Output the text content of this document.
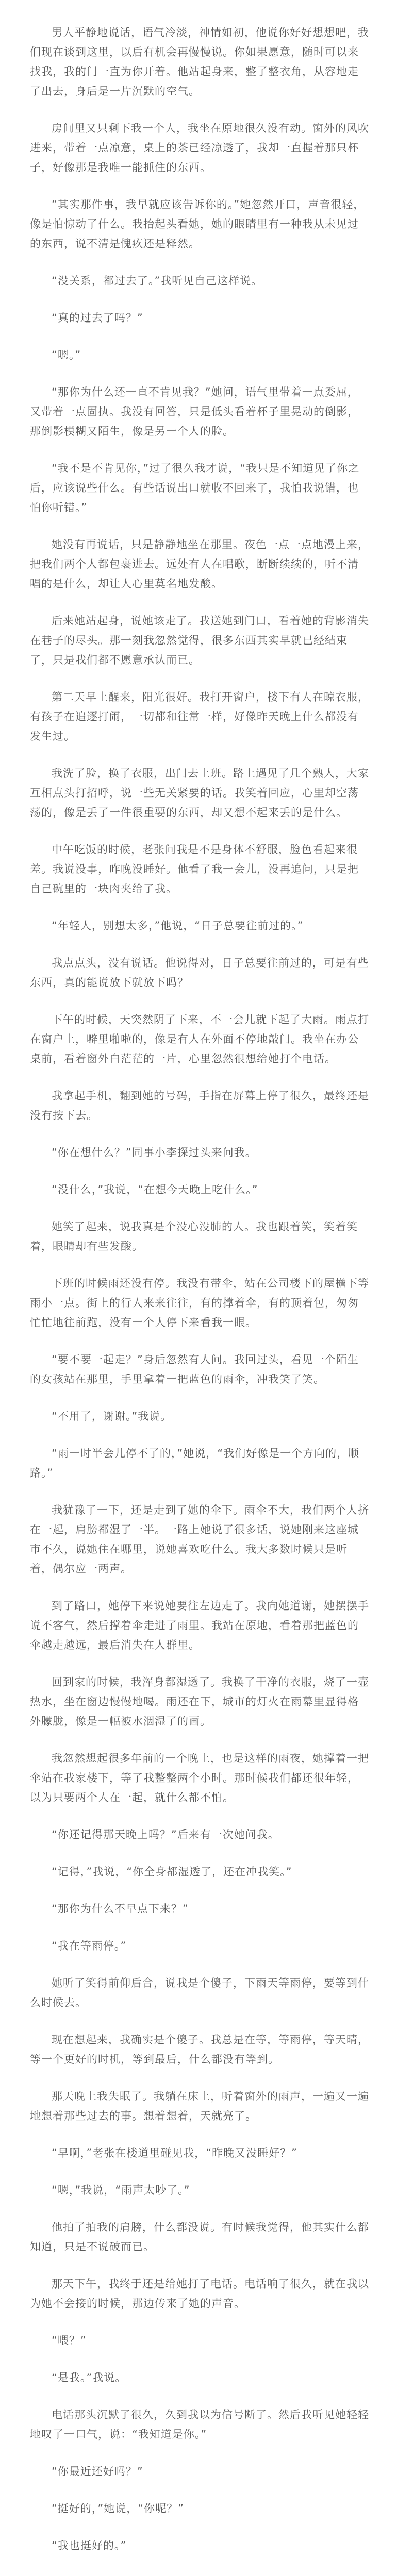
男人平静地说话，语气冷淡，神情如初，他说你好好想想吧，我们现在谈到这里，以后有机会再慢慢说。你如果愿意，随时可以来找我，我的门一直为你开着。他站起身来，整了整衣角，从容地走了出去，身后是一片沉默的空气。

房间里又只剩下我一个人，我坐在原地很久没有动。窗外的风吹进来，带着一点凉意，桌上的茶已经凉透了，我却一直握着那只杯子，好像那是我唯一能抓住的东西。

“其实那件事，我早就应该告诉你的。”她忽然开口，声音很轻，像是怕惊动了什么。我抬起头看她，她的眼睛里有一种我从未见过的东西，说不清是愧疚还是释然。

“没关系，都过去了。”我听见自己这样说。

“真的过去了吗？”

“嗯。”

“那你为什么还一直不肯见我？”她问，语气里带着一点委屈，又带着一点固执。我没有回答，只是低头看着杯子里晃动的倒影，那倒影模糊又陌生，像是另一个人的脸。

“我不是不肯见你，”过了很久我才说，“我只是不知道见了你之后，应该说些什么。有些话说出口就收不回来了，我怕我说错，也怕你听错。”

她没有再说话，只是静静地坐在那里。夜色一点一点地漫上来，把我们两个人都包裹进去。远处有人在唱歌，断断续续的，听不清唱的是什么，却让人心里莫名地发酸。

后来她站起身，说她该走了。我送她到门口，看着她的背影消失在巷子的尽头。那一刻我忽然觉得，很多东西其实早就已经结束了，只是我们都不愿意承认而已。

第二天早上醒来，阳光很好。我打开窗户，楼下有人在晾衣服，有孩子在追逐打闹，一切都和往常一样，好像昨天晚上什么都没有发生过。

我洗了脸，换了衣服，出门去上班。路上遇见了几个熟人，大家互相点头打招呼，说一些无关紧要的话。我笑着回应，心里却空荡荡的，像是丢了一件很重要的东西，却又想不起来丢的是什么。

中午吃饭的时候，老张问我是不是身体不舒服，脸色看起来很差。我说没事，昨晚没睡好。他看了我一会儿，没再追问，只是把自己碗里的一块肉夹给了我。

“年轻人，别想太多，”他说，“日子总要往前过的。”

我点点头，没有说话。他说得对，日子总要往前过的，可是有些东西，真的能说放下就放下吗？

下午的时候，天突然阴了下来，不一会儿就下起了大雨。雨点打在窗户上，噼里啪啦的，像是有人在外面不停地敲门。我坐在办公桌前，看着窗外白茫茫的一片，心里忽然很想给她打个电话。

我拿起手机，翻到她的号码，手指在屏幕上停了很久，最终还是没有按下去。

“你在想什么？”同事小李探过头来问我。

“没什么，”我说，“在想今天晚上吃什么。”

她笑了起来，说我真是个没心没肺的人。我也跟着笑，笑着笑着，眼睛却有些发酸。

下班的时候雨还没有停。我没有带伞，站在公司楼下的屋檐下等雨小一点。街上的行人来来往往，有的撑着伞，有的顶着包，匆匆忙忙地往前跑，没有一个人停下来看我一眼。

“要不要一起走？”身后忽然有人问。我回过头，看见一个陌生的女孩站在那里，手里拿着一把蓝色的雨伞，冲我笑了笑。

“不用了，谢谢。”我说。

“雨一时半会儿停不了的，”她说，“我们好像是一个方向的，顺路。”

我犹豫了一下，还是走到了她的伞下。雨伞不大，我们两个人挤在一起，肩膀都湿了一半。一路上她说了很多话，说她刚来这座城市不久，说她住在哪里，说她喜欢吃什么。我大多数时候只是听着，偶尔应一两声。

到了路口，她停下来说她要往左边走了。我向她道谢，她摆摆手说不客气，然后撑着伞走进了雨里。我站在原地，看着那把蓝色的伞越走越远，最后消失在人群里。

回到家的时候，我浑身都湿透了。我换了干净的衣服，烧了一壶热水，坐在窗边慢慢地喝。雨还在下，城市的灯火在雨幕里显得格外朦胧，像是一幅被水洇湿了的画。

我忽然想起很多年前的一个晚上，也是这样的雨夜，她撑着一把伞站在我家楼下，等了我整整两个小时。那时候我们都还很年轻，以为只要两个人在一起，就什么都不怕。

“你还记得那天晚上吗？”后来有一次她问我。

“记得，”我说，“你全身都湿透了，还在冲我笑。”

“那你为什么不早点下来？”

“我在等雨停。”

她听了笑得前仰后合，说我是个傻子，下雨天等雨停，要等到什么时候去。

现在想起来，我确实是个傻子。我总是在等，等雨停，等天晴，等一个更好的时机，等到最后，什么都没有等到。

那天晚上我失眠了。我躺在床上，听着窗外的雨声，一遍又一遍地想着那些过去的事。想着想着，天就亮了。

“早啊，”老张在楼道里碰见我，“昨晚又没睡好？”

“嗯，”我说，“雨声太吵了。”

他拍了拍我的肩膀，什么都没说。有时候我觉得，他其实什么都知道，只是不说破而已。

那天下午，我终于还是给她打了电话。电话响了很久，就在我以为她不会接的时候，那边传来了她的声音。

“喂？”

“是我。”我说。

电话那头沉默了很久，久到我以为信号断了。然后我听见她轻轻地叹了一口气，说：“我知道是你。”

“你最近还好吗？”

“挺好的，”她说，“你呢？”

“我也挺好的。”
